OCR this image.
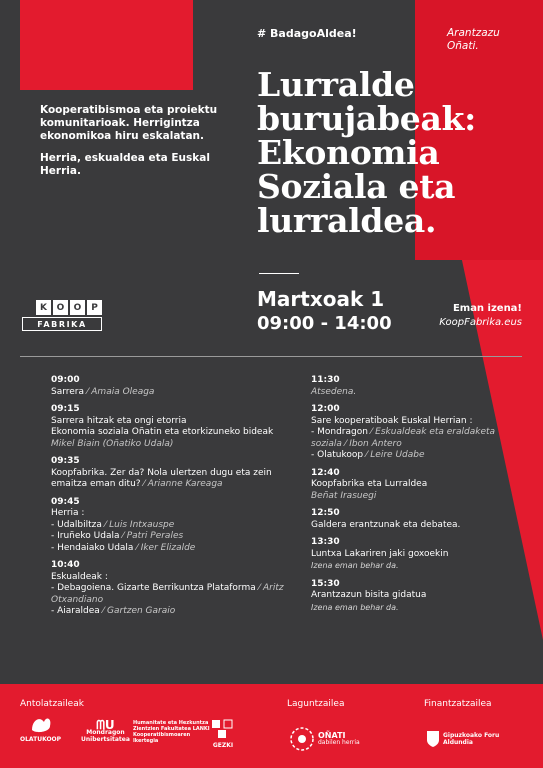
# BadagoAldea!	Arantzazu
Oñati.

Kooperatibismoa eta proiektu komunitarioak. Herrigintza ekonomikoa hiru eskalatan.

Herria, eskualdea eta Euskal Herria.

Lurralde
burujabeak:
Ekonomia
Soziala eta
lurraldea.
Martxoak 1
09:00 - 14:00
Eman izena!
KoopFabrika.eus
K	O	O	P
FABRIKA
09:00
Sarrera ⁄ Amaia Oleaga
09:15
Sarrera hitzak eta ongi etorria
Ekonomia soziala Oñatin eta etorkizuneko bideak
Mikel Biain (Oñatiko Udala)
09:35
Koopfabrika. Zer da? Nola ulertzen dugu eta zein emaitza eman ditu? ⁄ Arianne Kareaga
09:45
Herria :
- Udalbiltza ⁄ Luis Intxauspe
- Iruñeko Udala ⁄ Patri Perales
- Hendaiako Udala ⁄ Iker Elizalde
10:40
Eskualdeak :
- Debagoiena. Gizarte Berrikuntza Plataforma ⁄ Aritz Otxandiano
- Aiaraldea ⁄ Gartzen Garaio
11:30
Atsedena.
12:00
Sare kooperatiboak Euskal Herrian :
- Mondragon ⁄ Eskualdeak eta eraldaketa soziala ⁄ Ibon Antero
- Olatukoop ⁄ Leire Udabe
12:40
Koopfabrika eta Lurraldea
Beñat Irasuegi
12:50
Galdera erantzunak eta debatea.
13:30
Luntxa Lakariren jaki goxoekin
Izena eman behar da.
15:30
Arantzazun bisita gidatua
Izena eman behar da.
Antolatzaileak	Laguntzailea	Finantzatzailea
OLATUKOOP
ᗰᑌ
Mondragon
Unibertsitatea
Humanitate eta Hezkuntza Zientzien Fakultatea LANKI Kooperatibismoaren Ikertegia
GEZKI
OÑATI
dabilen herria
Gipuzkoako Foru Aldundia
